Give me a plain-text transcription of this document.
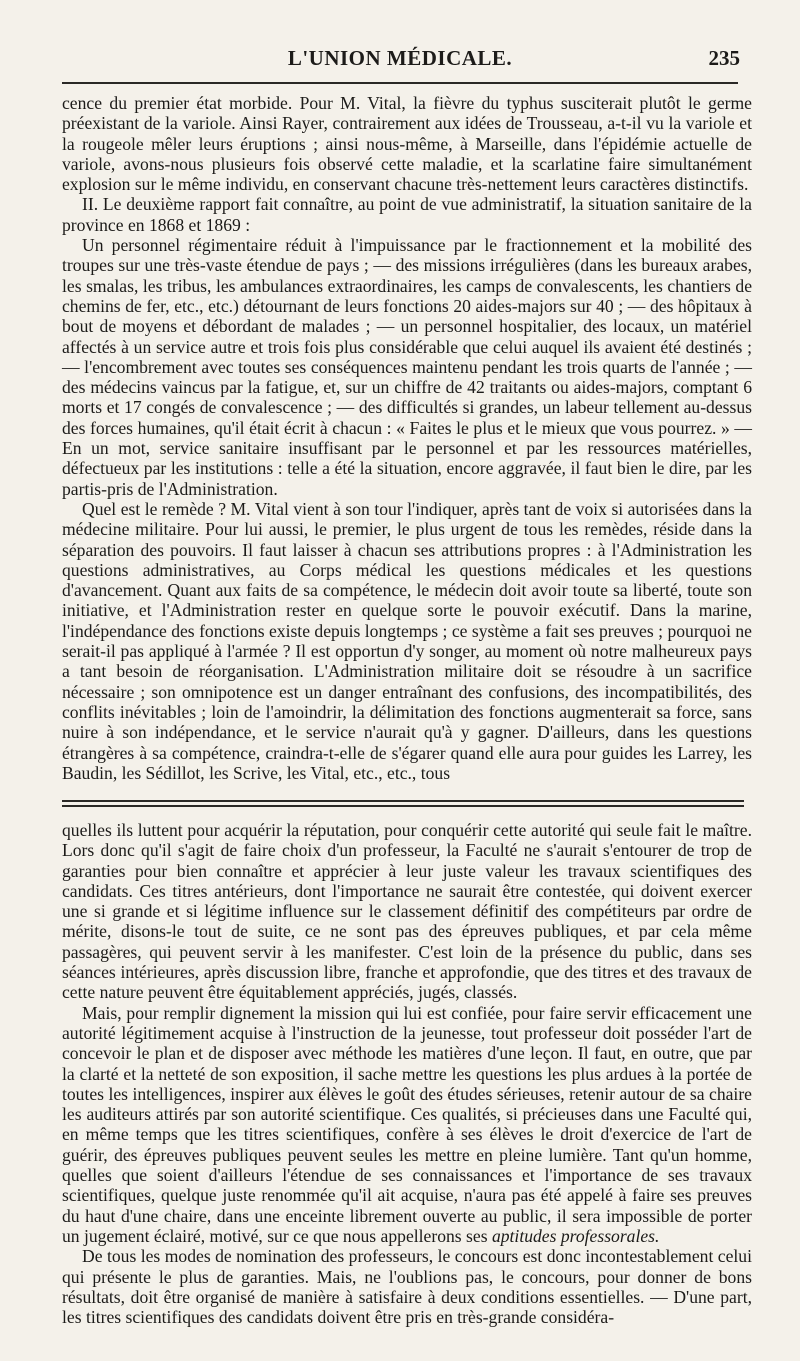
L'UNION MÉDICALE.	235

cence du premier état morbide. Pour M. Vital, la fièvre du typhus susciterait plutôt le germe préexistant de la variole. Ainsi Rayer, contrairement aux idées de Trousseau, a-t-il vu la variole et la rougeole mêler leurs éruptions ; ainsi nous-même, à Marseille, dans l'épidémie actuelle de variole, avons-nous plusieurs fois observé cette maladie, et la scarlatine faire simultanément explosion sur le même individu, en conservant chacune très-nettement leurs caractères distinctifs.

II. Le deuxième rapport fait connaître, au point de vue administratif, la situation sanitaire de la province en 1868 et 1869 :

Un personnel régimentaire réduit à l'impuissance par le fractionnement et la mobilité des troupes sur une très-vaste étendue de pays ; — des missions irrégulières (dans les bureaux arabes, les smalas, les tribus, les ambulances extraordinaires, les camps de convalescents, les chantiers de chemins de fer, etc., etc.) détournant de leurs fonctions 20 aides-majors sur 40 ; — des hôpitaux à bout de moyens et débordant de malades ; — un personnel hospitalier, des locaux, un matériel affectés à un service autre et trois fois plus considérable que celui auquel ils avaient été destinés ; — l'encombrement avec toutes ses conséquences maintenu pendant les trois quarts de l'année ; — des médecins vaincus par la fatigue, et, sur un chiffre de 42 traitants ou aides-majors, comptant 6 morts et 17 congés de convalescence ; — des difficultés si grandes, un labeur tellement au-dessus des forces humaines, qu'il était écrit à chacun : « Faites le plus et le mieux que vous pourrez. » — En un mot, service sanitaire insuffisant par le personnel et par les ressources matérielles, défectueux par les institutions : telle a été la situation, encore aggravée, il faut bien le dire, par les partis-pris de l'Administration.

Quel est le remède ? M. Vital vient à son tour l'indiquer, après tant de voix si autorisées dans la médecine militaire. Pour lui aussi, le premier, le plus urgent de tous les remèdes, réside dans la séparation des pouvoirs. Il faut laisser à chacun ses attributions propres : à l'Administration les questions administratives, au Corps médical les questions médicales et les questions d'avancement. Quant aux faits de sa compétence, le médecin doit avoir toute sa liberté, toute son initiative, et l'Administration rester en quelque sorte le pouvoir exécutif. Dans la marine, l'indépendance des fonctions existe depuis longtemps ; ce système a fait ses preuves ; pourquoi ne serait-il pas appliqué à l'armée ? Il est opportun d'y songer, au moment où notre malheureux pays a tant besoin de réorganisation. L'Administration militaire doit se résoudre à un sacrifice nécessaire ; son omnipotence est un danger entraînant des confusions, des incompatibilités, des conflits inévitables ; loin de l'amoindrir, la délimitation des fonctions augmenterait sa force, sans nuire à son indépendance, et le service n'aurait qu'à y gagner. D'ailleurs, dans les questions étrangères à sa compétence, craindra-t-elle de s'égarer quand elle aura pour guides les Larrey, les Baudin, les Sédillot, les Scrive, les Vital, etc., etc., tous

quelles ils luttent pour acquérir la réputation, pour conquérir cette autorité qui seule fait le maître. Lors donc qu'il s'agit de faire choix d'un professeur, la Faculté ne s'aurait s'entourer de trop de garanties pour bien connaître et apprécier à leur juste valeur les travaux scientifiques des candidats. Ces titres antérieurs, dont l'importance ne saurait être contestée, qui doivent exercer une si grande et si légitime influence sur le classement définitif des compétiteurs par ordre de mérite, disons-le tout de suite, ce ne sont pas des épreuves publiques, et par cela même passagères, qui peuvent servir à les manifester. C'est loin de la présence du public, dans ses séances intérieures, après discussion libre, franche et approfondie, que des titres et des travaux de cette nature peuvent être équitablement appréciés, jugés, classés.

Mais, pour remplir dignement la mission qui lui est confiée, pour faire servir efficacement une autorité légitimement acquise à l'instruction de la jeunesse, tout professeur doit posséder l'art de concevoir le plan et de disposer avec méthode les matières d'une leçon. Il faut, en outre, que par la clarté et la netteté de son exposition, il sache mettre les questions les plus ardues à la portée de toutes les intelligences, inspirer aux élèves le goût des études sérieuses, retenir autour de sa chaire les auditeurs attirés par son autorité scientifique. Ces qualités, si précieuses dans une Faculté qui, en même temps que les titres scientifiques, confère à ses élèves le droit d'exercice de l'art de guérir, des épreuves publiques peuvent seules les mettre en pleine lumière. Tant qu'un homme, quelles que soient d'ailleurs l'étendue de ses connaissances et l'importance de ses travaux scientifiques, quelque juste renommée qu'il ait acquise, n'aura pas été appelé à faire ses preuves du haut d'une chaire, dans une enceinte librement ouverte au public, il sera impossible de porter un jugement éclairé, motivé, sur ce que nous appellerons ses aptitudes professorales.

De tous les modes de nomination des professeurs, le concours est donc incontestablement celui qui présente le plus de garanties. Mais, ne l'oublions pas, le concours, pour donner de bons résultats, doit être organisé de manière à satisfaire à deux conditions essentielles. — D'une part, les titres scientifiques des candidats doivent être pris en très-grande considéra-
